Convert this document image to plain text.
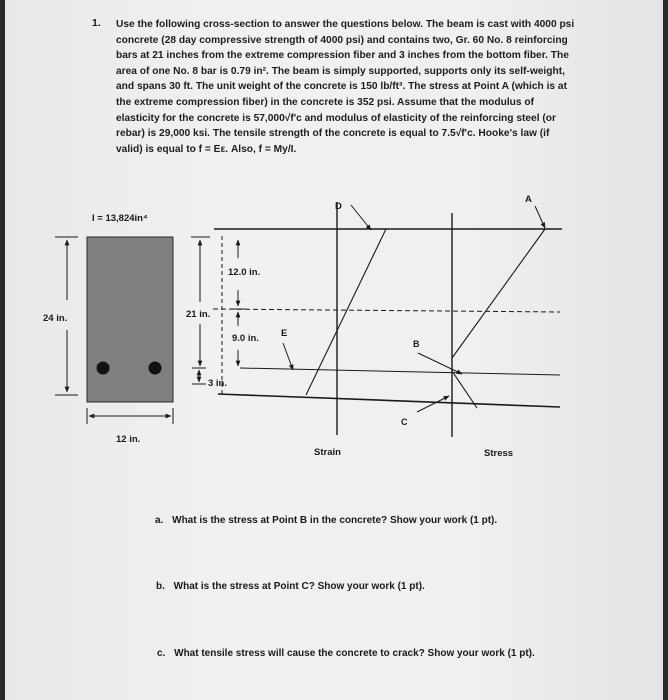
1. Use the following cross-section to answer the questions below. The beam is cast with 4000 psi
concrete (28 day compressive strength of 4000 psi) and contains two, Gr. 60 No. 8 reinforcing
bars at 21 inches from the extreme compression fiber and 3 inches from the bottom fiber. The
area of one No. 8 bar is 0.79 in². The beam is simply supported, supports only its self-weight,
and spans 30 ft. The unit weight of the concrete is 150 lb/ft³. The stress at Point A (which is at
the extreme compression fiber) in the concrete is 352 psi. Assume that the modulus of
elasticity for the concrete is 57,000√f'c and modulus of elasticity of the reinforcing steel (or
rebar) is 29,000 ksi. The tensile strength of the concrete is equal to 7.5√f'c. Hooke's law (if
valid) is equal to f = Eε. Also, f = My/I.
I = 13,824in⁴
24 in.
12 in.
21 in.
3 in.
12.0 in.
9.0 in.
D
A
E
B
C
Strain	Stress
a. What is the stress at Point B in the concrete? Show your work (1 pt).
b. What is the stress at Point C? Show your work (1 pt).
c. What tensile stress will cause the concrete to crack? Show your work (1 pt).
